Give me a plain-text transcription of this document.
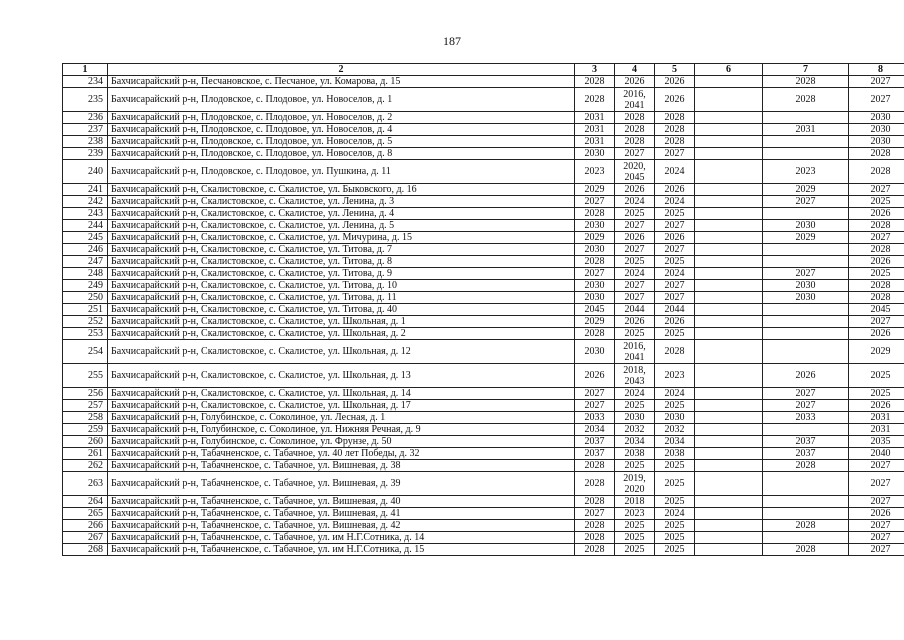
187
1	2	3	4	5	6	7	8
234	Бахчисарайский р-н, Песчановское, с. Песчаное, ул. Комарова, д. 15	2028	2026	2026		2028	2027
235	Бахчисарайский р-н, Плодовское, с. Плодовое, ул. Новоселов, д. 1	2028	2016, 2041	2026		2028	2027
236	Бахчисарайский р-н, Плодовское, с. Плодовое, ул. Новоселов, д. 2	2031	2028	2028			2030
237	Бахчисарайский р-н, Плодовское, с. Плодовое, ул. Новоселов, д. 4	2031	2028	2028		2031	2030
238	Бахчисарайский р-н, Плодовское, с. Плодовое, ул. Новоселов, д. 5	2031	2028	2028			2030
239	Бахчисарайский р-н, Плодовское, с. Плодовое, ул. Новоселов, д. 8	2030	2027	2027			2028
240	Бахчисарайский р-н, Плодовское, с. Плодовое, ул. Пушкина, д. 11	2023	2020, 2045	2024		2023	2028
241	Бахчисарайский р-н, Скалистовское, с. Скалистое, ул. Быковского, д. 16	2029	2026	2026		2029	2027
242	Бахчисарайский р-н, Скалистовское, с. Скалистое, ул. Ленина, д. 3	2027	2024	2024		2027	2025
243	Бахчисарайский р-н, Скалистовское, с. Скалистое, ул. Ленина, д. 4	2028	2025	2025			2026
244	Бахчисарайский р-н, Скалистовское, с. Скалистое, ул. Ленина, д. 5	2030	2027	2027		2030	2028
245	Бахчисарайский р-н, Скалистовское, с. Скалистое, ул. Мичурина, д. 15	2029	2026	2026		2029	2027
246	Бахчисарайский р-н, Скалистовское, с. Скалистое, ул. Титова, д. 7	2030	2027	2027			2028
247	Бахчисарайский р-н, Скалистовское, с. Скалистое, ул. Титова, д. 8	2028	2025	2025			2026
248	Бахчисарайский р-н, Скалистовское, с. Скалистое, ул. Титова, д. 9	2027	2024	2024		2027	2025
249	Бахчисарайский р-н, Скалистовское, с. Скалистое, ул. Титова, д. 10	2030	2027	2027		2030	2028
250	Бахчисарайский р-н, Скалистовское, с. Скалистое, ул. Титова, д. 11	2030	2027	2027		2030	2028
251	Бахчисарайский р-н, Скалистовское, с. Скалистое, ул. Титова, д. 40	2045	2044	2044			2045
252	Бахчисарайский р-н, Скалистовское, с. Скалистое, ул. Школьная, д. 1	2029	2026	2026			2027
253	Бахчисарайский р-н, Скалистовское, с. Скалистое, ул. Школьная, д. 2	2028	2025	2025			2026
254	Бахчисарайский р-н, Скалистовское, с. Скалистое, ул. Школьная, д. 12	2030	2016, 2041	2028			2029
255	Бахчисарайский р-н, Скалистовское, с. Скалистое, ул. Школьная, д. 13	2026	2018, 2043	2023		2026	2025
256	Бахчисарайский р-н, Скалистовское, с. Скалистое, ул. Школьная, д. 14	2027	2024	2024		2027	2025
257	Бахчисарайский р-н, Скалистовское, с. Скалистое, ул. Школьная, д. 17	2027	2025	2025		2027	2026
258	Бахчисарайский р-н, Голубинское, с. Соколиное, ул. Лесная, д. 1	2033	2030	2030		2033	2031
259	Бахчисарайский р-н, Голубинское, с. Соколиное, ул. Нижняя Речная, д. 9	2034	2032	2032			2031
260	Бахчисарайский р-н, Голубинское, с. Соколиное, ул. Фрунзе, д. 50	2037	2034	2034		2037	2035
261	Бахчисарайский р-н, Табачненское, с. Табачное, ул. 40 лет Победы, д. 32	2037	2038	2038		2037	2040
262	Бахчисарайский р-н, Табачненское, с. Табачное, ул. Вишневая, д. 38	2028	2025	2025		2028	2027
263	Бахчисарайский р-н, Табачненское, с. Табачное, ул. Вишневая, д. 39	2028	2019, 2020	2025			2027
264	Бахчисарайский р-н, Табачненское, с. Табачное, ул. Вишневая, д. 40	2028	2018	2025			2027
265	Бахчисарайский р-н, Табачненское, с. Табачное, ул. Вишневая, д. 41	2027	2023	2024			2026
266	Бахчисарайский р-н, Табачненское, с. Табачное, ул. Вишневая, д. 42	2028	2025	2025		2028	2027
267	Бахчисарайский р-н, Табачненское, с. Табачное, ул. им Н.Г.Сотника, д. 14	2028	2025	2025			2027
268	Бахчисарайский р-н, Табачненское, с. Табачное, ул. им Н.Г.Сотника, д. 15	2028	2025	2025		2028	2027
